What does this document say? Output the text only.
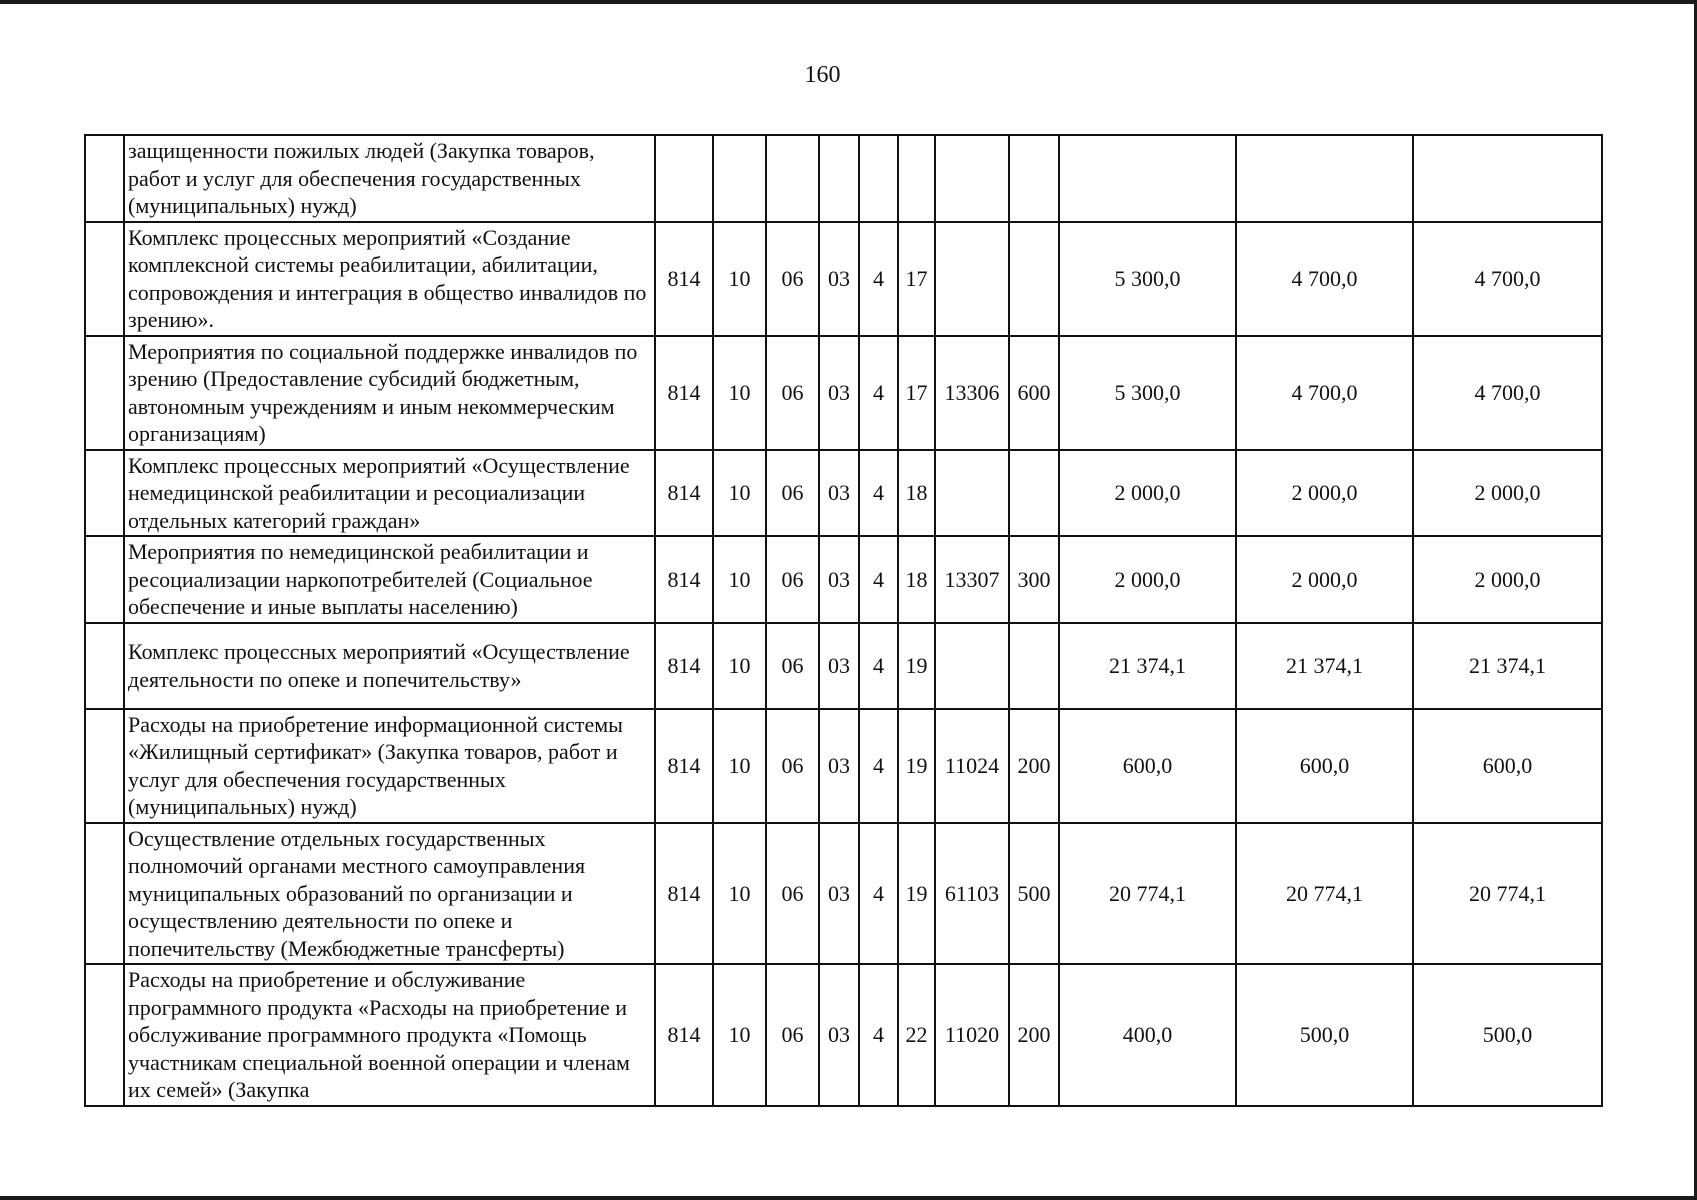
160
	защищенности пожилых людей (Закупка товаров, работ и услуг для обеспечения государственных (муниципальных) нужд)											
	Комплекс процессных мероприятий «Создание комплексной системы реабилитации, абилитации, сопровождения и интеграция в общество инвалидов по зрению».	814	10	06	03	4	17			5 300,0	4 700,0	4 700,0
	Мероприятия по социальной поддержке инвалидов по зрению (Предоставление субсидий бюджетным, автономным учреждениям и иным некоммерческим организациям)	814	10	06	03	4	17	13306	600	5 300,0	4 700,0	4 700,0
	Комплекс процессных мероприятий «Осуществление немедицинской реабилитации и ресоциализации отдельных категорий граждан»	814	10	06	03	4	18			2 000,0	2 000,0	2 000,0
	Мероприятия по немедицинской реабилитации и ресоциализации наркопотребителей (Социальное обеспечение и иные выплаты населению)	814	10	06	03	4	18	13307	300	2 000,0	2 000,0	2 000,0
	Комплекс процессных мероприятий «Осуществление деятельности по опеке и попечительству»	814	10	06	03	4	19			21 374,1	21 374,1	21 374,1
	Расходы на приобретение информационной системы «Жилищный сертификат» (Закупка товаров, работ и услуг для обеспечения государственных (муниципальных) нужд)	814	10	06	03	4	19	11024	200	600,0	600,0	600,0
	Осуществление отдельных государственных полномочий органами местного самоуправления муниципальных образований по организации и осуществлению деятельности по опеке и попечительству (Межбюджетные трансферты)	814	10	06	03	4	19	61103	500	20 774,1	20 774,1	20 774,1
	Расходы на приобретение и обслуживание программного продукта «Расходы на приобретение и обслуживание программного продукта «Помощь участникам специальной военной операции и членам их семей» (Закупка	814	10	06	03	4	22	11020	200	400,0	500,0	500,0
